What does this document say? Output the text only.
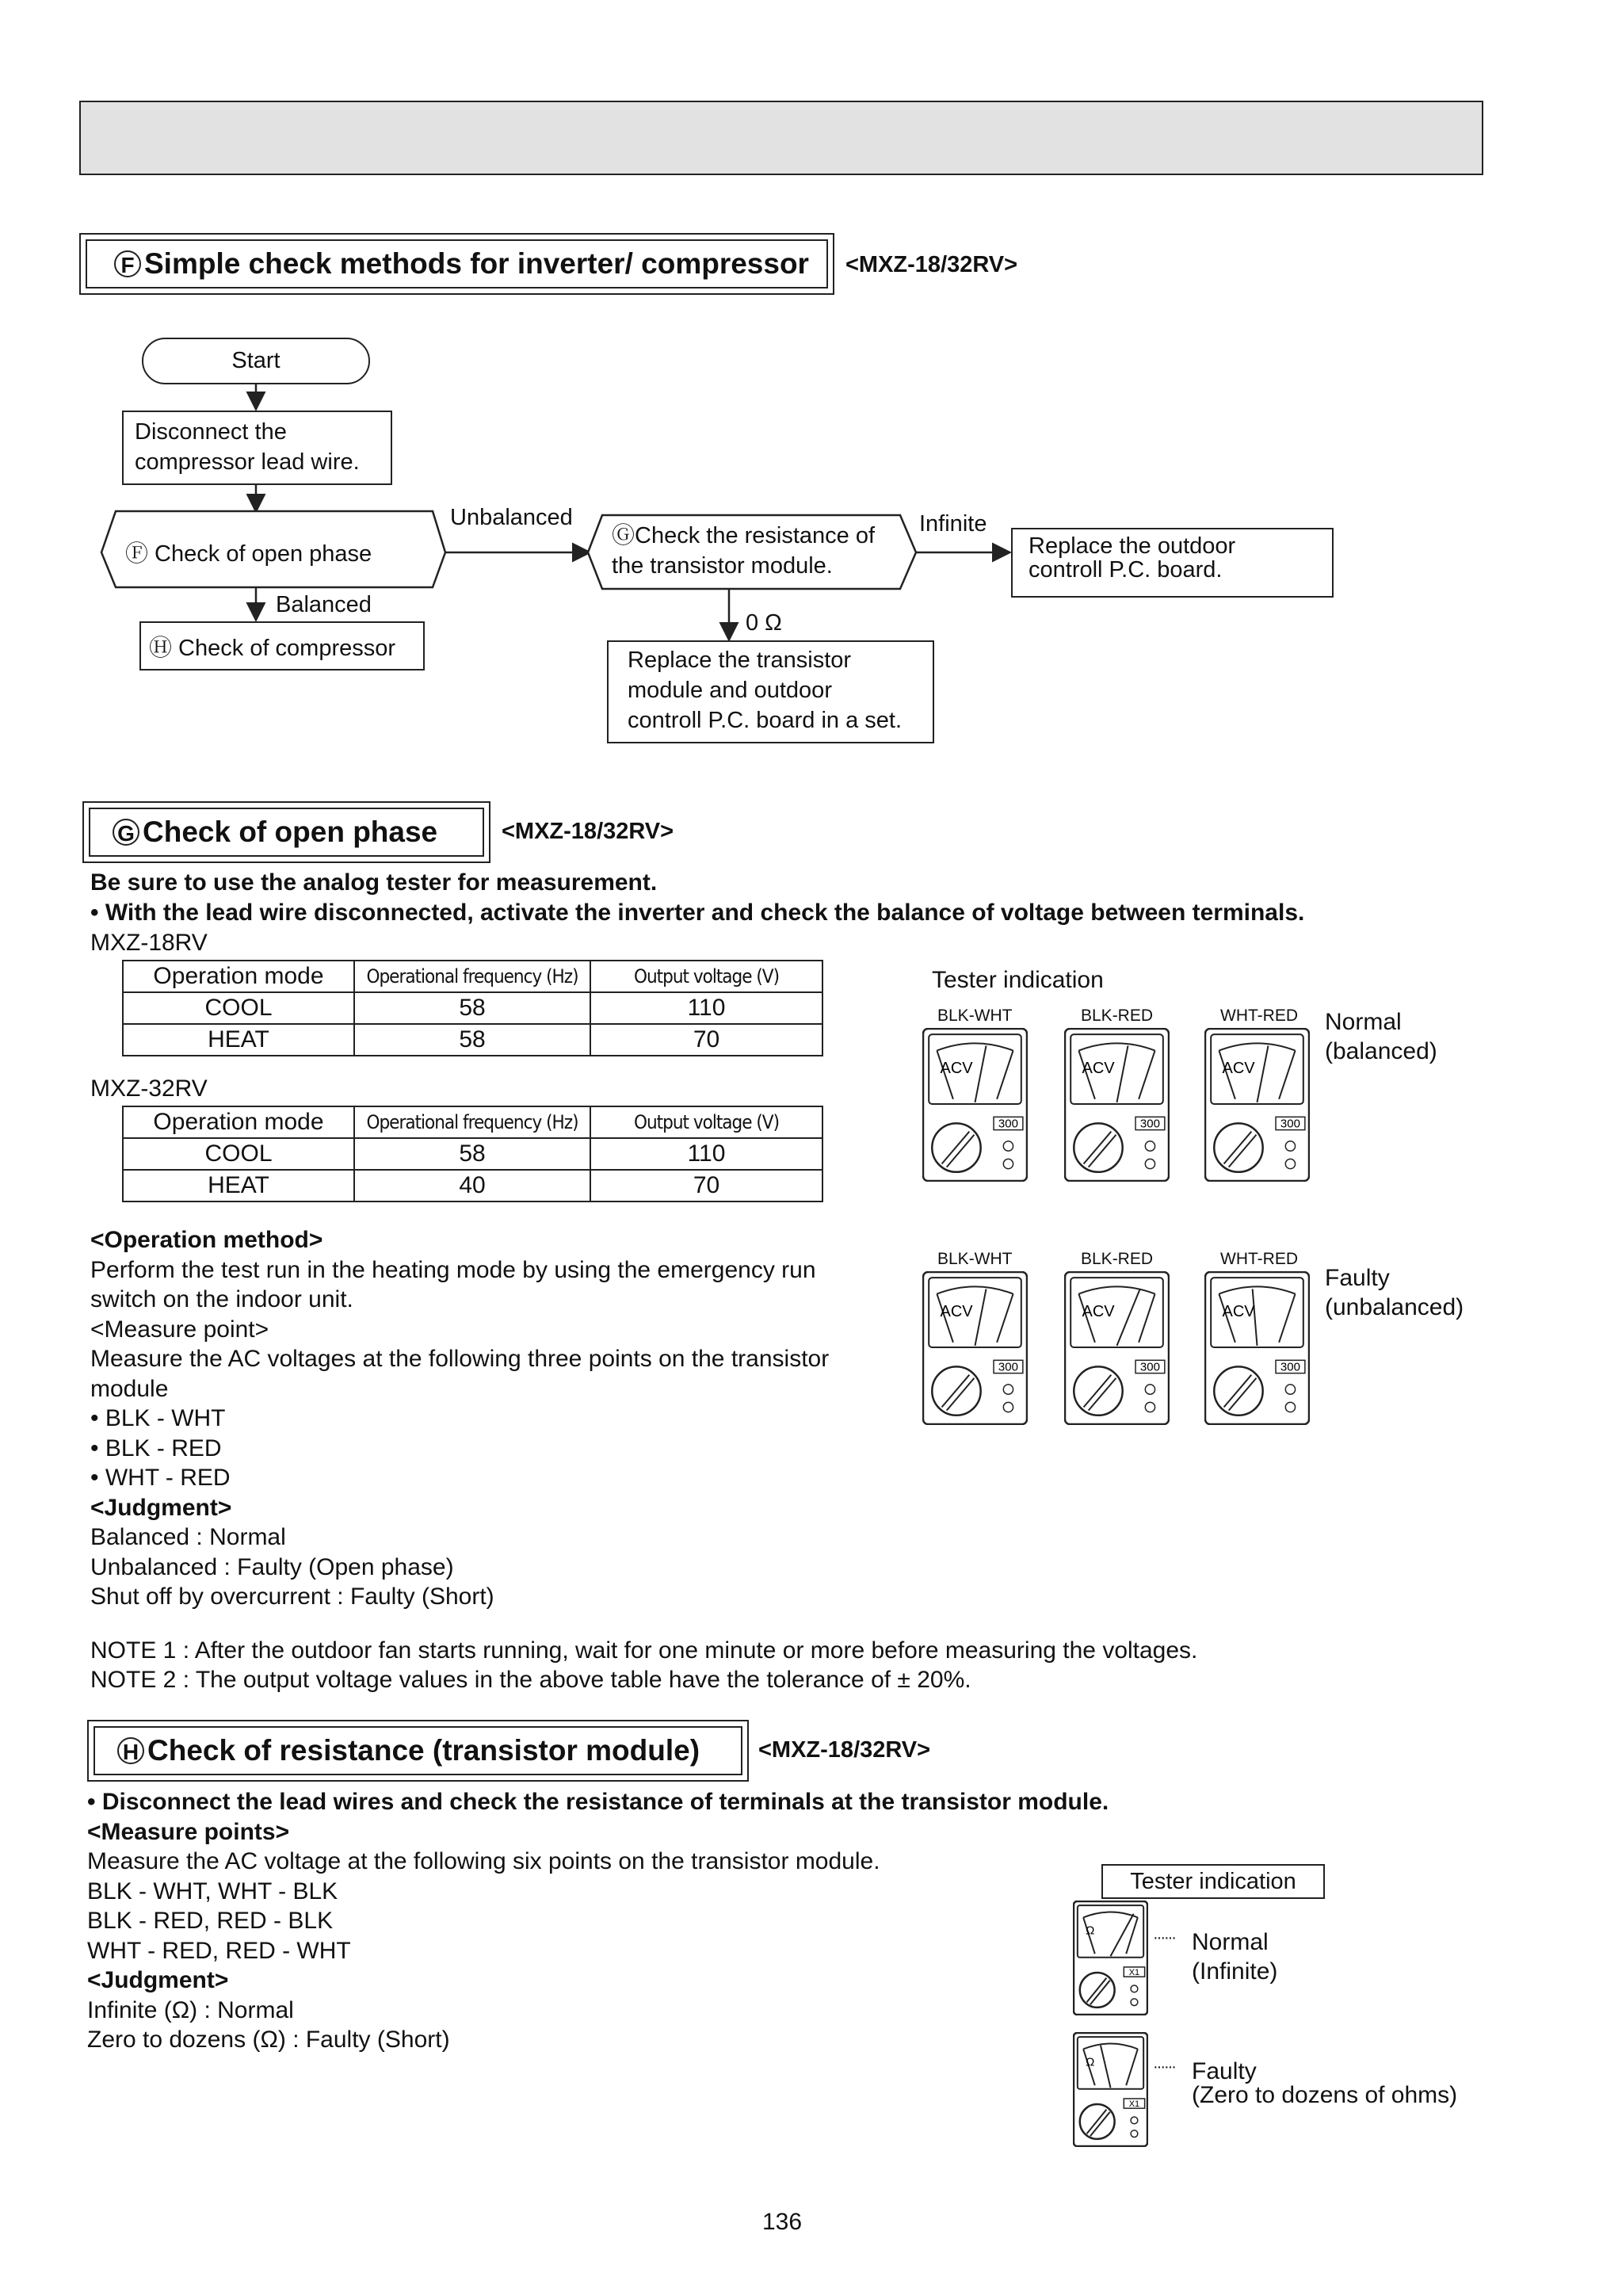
F Simple check methods for inverter/ compressor <MXZ-18/32RV>
Start
Disconnect the
compressor lead wire.
Ⓕ Check of open phase
Unbalanced
ⒼCheck the resistance of
the transistor module.
Infinite
Replace the outdoor
controll P.C. board.
Balanced
Ⓗ Check of compressor
0 Ω
Replace the transistor
module and outdoor
controll P.C. board in a set.
G Check of open phase	<MXZ-18/32RV>
Be sure to use the analog tester for measurement.
• With the lead wire disconnected, activate the inverter and check the balance of voltage between terminals.
MXZ-18RV
Operation mode	Operational frequency (Hz)	Output voltage (V)
COOL	58	110
HEAT	58	70
MXZ-32RV
Operation mode	Operational frequency (Hz)	Output voltage (V)
COOL	58	110
HEAT	40	70
<Operation method>
Perform the test run in the heating mode by using the emergency run
switch on the indoor unit.
<Measure point>
Measure the AC voltages at the following three points on the transistor
module
• BLK - WHT
• BLK - RED
• WHT - RED
<Judgment>
Balanced : Normal
Unbalanced : Faulty (Open phase)
Shut off by overcurrent : Faulty (Short)
Tester indication
BLK-WHT	BLK-RED	WHT-RED Normal
(balanced)
BLK-WHT	BLK-RED	WHT-RED
Faulty
(unbalanced)
ACV
300
ACV
300
ACV
300
ACV
300
ACV
300
ACV
300
NOTE 1 : After the outdoor fan starts running, wait for one minute or more before measuring the voltages.
NOTE 2 : The output voltage values in the above table have the tolerance of ± 20%.
H Check of resistance (transistor module)	<MXZ-18/32RV>
• Disconnect the lead wires and check the resistance of terminals at the transistor module.
<Measure points>
Measure the AC voltage at the following six points on the transistor module.
BLK - WHT, WHT - BLK
BLK - RED, RED - BLK
WHT - RED, RED - WHT
<Judgment>
Infinite (Ω) : Normal
Zero to dozens (Ω) : Faulty (Short)
Tester indication
Ω
X1
Ω
X1
······ Normal
(Infinite)
······ Faulty
(Zero to dozens of ohms)
136
